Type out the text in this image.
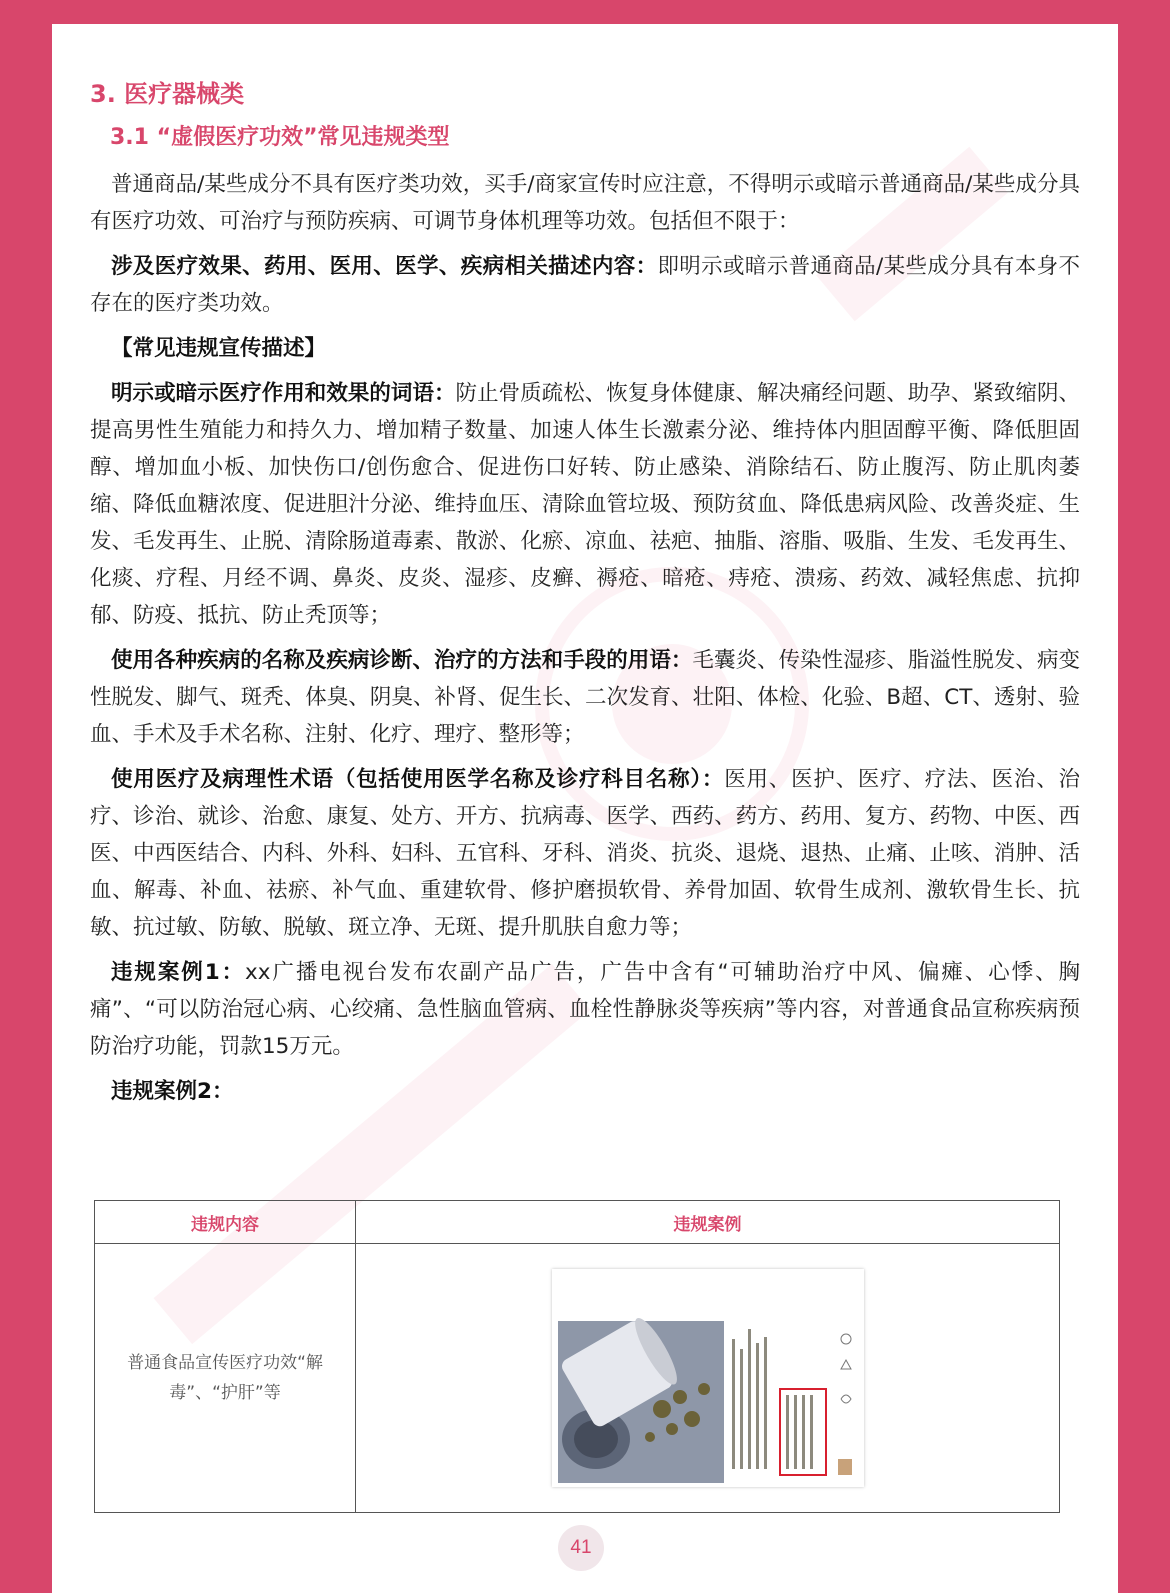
3. 医疗器械类
3.1 “虚假医疗功效”常见违规类型

普通商品/某些成分不具有医疗类功效，买手/商家宣传时应注意，不得明示或暗示普通商品/某些成分具有医疗功效、可治疗与预防疾病、可调节身体机理等功效。包括但不限于：

涉及医疗效果、药用、医用、医学、疾病相关描述内容：即明示或暗示普通商品/某些成分具有本身不存在的医疗类功效。

【常见违规宣传描述】

明示或暗示医疗作用和效果的词语：防止骨质疏松、恢复身体健康、解决痛经问题、助孕、紧致缩阴、提高男性生殖能力和持久力、增加精子数量、加速人体生长激素分泌、维持体内胆固醇平衡、降低胆固醇、增加血小板、加快伤口/创伤愈合、促进伤口好转、防止感染、消除结石、防止腹泻、防止肌肉萎缩、降低血糖浓度、促进胆汁分泌、维持血压、清除血管垃圾、预防贫血、降低患病风险、改善炎症、生发、毛发再生、止脱、清除肠道毒素、散淤、化瘀、凉血、祛疤、抽脂、溶脂、吸脂、生发、毛发再生、化痰、疗程、月经不调、鼻炎、皮炎、湿疹、皮癣、褥疮、暗疮、痔疮、溃疡、药效、减轻焦虑、抗抑郁、防疫、抵抗、防止秃顶等；

使用各种疾病的名称及疾病诊断、治疗的方法和手段的用语：毛囊炎、传染性湿疹、脂溢性脱发、病变性脱发、脚气、斑秃、体臭、阴臭、补肾、促生长、二次发育、壮阳、体检、化验、B超、CT、透射、验血、手术及手术名称、注射、化疗、理疗、整形等；

使用医疗及病理性术语（包括使用医学名称及诊疗科目名称）：医用、医护、医疗、疗法、医治、治疗、诊治、就诊、治愈、康复、处方、开方、抗病毒、医学、西药、药方、药用、复方、药物、中医、西医、中西医结合、内科、外科、妇科、五官科、牙科、消炎、抗炎、退烧、退热、止痛、止咳、消肿、活血、解毒、补血、祛瘀、补气血、重建软骨、修护磨损软骨、养骨加固、软骨生成剂、激软骨生长、抗敏、抗过敏、防敏、脱敏、斑立净、无斑、提升肌肤自愈力等；

违规案例1：xx广播电视台发布农副产品广告，广告中含有“可辅助治疗中风、偏瘫、心悸、胸痛”、“可以防治冠心病、心绞痛、急性脑血管病、血栓性静脉炎等疾病”等内容，对普通食品宣称疾病预防治疗功能，罚款15万元。

违规案例2：
违规内容	违规案例
普通食品宣传医疗功效“解毒”、“护肝”等	
41
